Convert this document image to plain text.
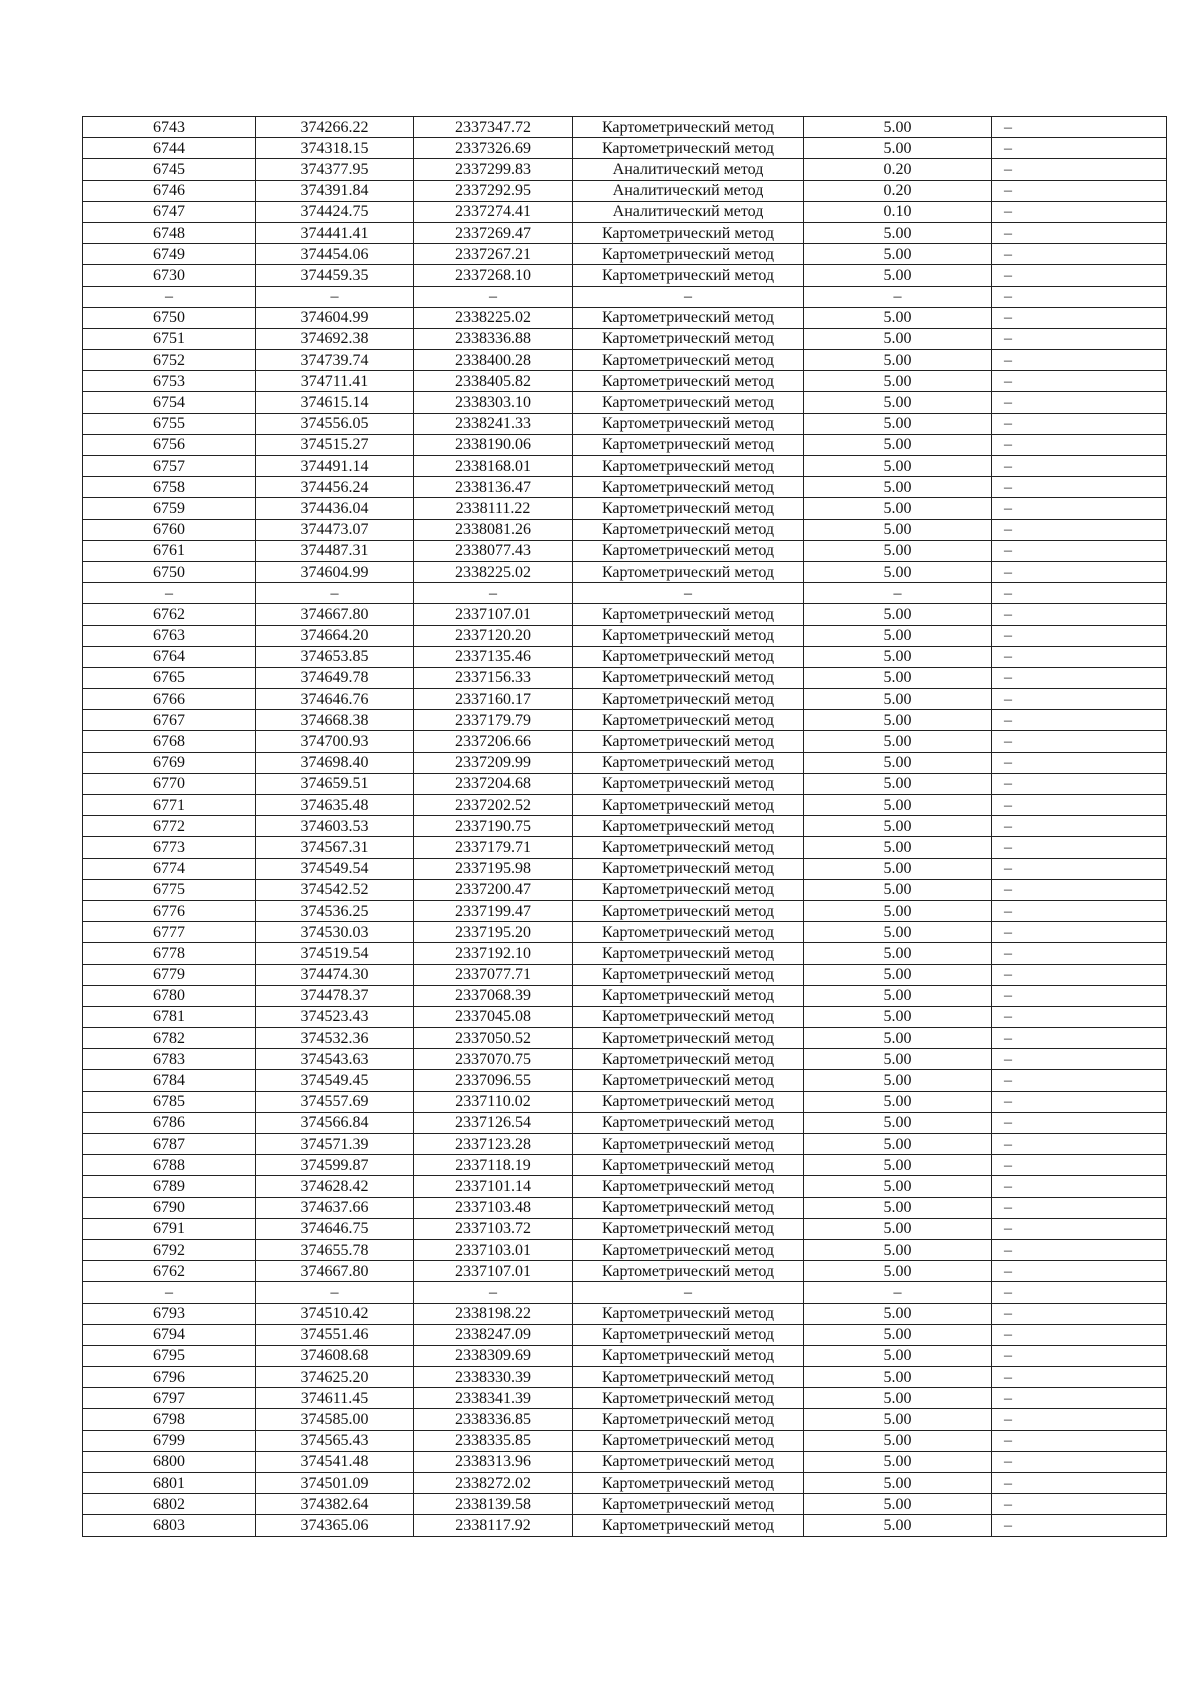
6743	374266.22	2337347.72	Картометрический метод	5.00	–
6744	374318.15	2337326.69	Картометрический метод	5.00	–
6745	374377.95	2337299.83	Аналитический метод	0.20	–
6746	374391.84	2337292.95	Аналитический метод	0.20	–
6747	374424.75	2337274.41	Аналитический метод	0.10	–
6748	374441.41	2337269.47	Картометрический метод	5.00	–
6749	374454.06	2337267.21	Картометрический метод	5.00	–
6730	374459.35	2337268.10	Картометрический метод	5.00	–
–	–	–	–	–	–
6750	374604.99	2338225.02	Картометрический метод	5.00	–
6751	374692.38	2338336.88	Картометрический метод	5.00	–
6752	374739.74	2338400.28	Картометрический метод	5.00	–
6753	374711.41	2338405.82	Картометрический метод	5.00	–
6754	374615.14	2338303.10	Картометрический метод	5.00	–
6755	374556.05	2338241.33	Картометрический метод	5.00	–
6756	374515.27	2338190.06	Картометрический метод	5.00	–
6757	374491.14	2338168.01	Картометрический метод	5.00	–
6758	374456.24	2338136.47	Картометрический метод	5.00	–
6759	374436.04	2338111.22	Картометрический метод	5.00	–
6760	374473.07	2338081.26	Картометрический метод	5.00	–
6761	374487.31	2338077.43	Картометрический метод	5.00	–
6750	374604.99	2338225.02	Картометрический метод	5.00	–
–	–	–	–	–	–
6762	374667.80	2337107.01	Картометрический метод	5.00	–
6763	374664.20	2337120.20	Картометрический метод	5.00	–
6764	374653.85	2337135.46	Картометрический метод	5.00	–
6765	374649.78	2337156.33	Картометрический метод	5.00	–
6766	374646.76	2337160.17	Картометрический метод	5.00	–
6767	374668.38	2337179.79	Картометрический метод	5.00	–
6768	374700.93	2337206.66	Картометрический метод	5.00	–
6769	374698.40	2337209.99	Картометрический метод	5.00	–
6770	374659.51	2337204.68	Картометрический метод	5.00	–
6771	374635.48	2337202.52	Картометрический метод	5.00	–
6772	374603.53	2337190.75	Картометрический метод	5.00	–
6773	374567.31	2337179.71	Картометрический метод	5.00	–
6774	374549.54	2337195.98	Картометрический метод	5.00	–
6775	374542.52	2337200.47	Картометрический метод	5.00	–
6776	374536.25	2337199.47	Картометрический метод	5.00	–
6777	374530.03	2337195.20	Картометрический метод	5.00	–
6778	374519.54	2337192.10	Картометрический метод	5.00	–
6779	374474.30	2337077.71	Картометрический метод	5.00	–
6780	374478.37	2337068.39	Картометрический метод	5.00	–
6781	374523.43	2337045.08	Картометрический метод	5.00	–
6782	374532.36	2337050.52	Картометрический метод	5.00	–
6783	374543.63	2337070.75	Картометрический метод	5.00	–
6784	374549.45	2337096.55	Картометрический метод	5.00	–
6785	374557.69	2337110.02	Картометрический метод	5.00	–
6786	374566.84	2337126.54	Картометрический метод	5.00	–
6787	374571.39	2337123.28	Картометрический метод	5.00	–
6788	374599.87	2337118.19	Картометрический метод	5.00	–
6789	374628.42	2337101.14	Картометрический метод	5.00	–
6790	374637.66	2337103.48	Картометрический метод	5.00	–
6791	374646.75	2337103.72	Картометрический метод	5.00	–
6792	374655.78	2337103.01	Картометрический метод	5.00	–
6762	374667.80	2337107.01	Картометрический метод	5.00	–
–	–	–	–	–	–
6793	374510.42	2338198.22	Картометрический метод	5.00	–
6794	374551.46	2338247.09	Картометрический метод	5.00	–
6795	374608.68	2338309.69	Картометрический метод	5.00	–
6796	374625.20	2338330.39	Картометрический метод	5.00	–
6797	374611.45	2338341.39	Картометрический метод	5.00	–
6798	374585.00	2338336.85	Картометрический метод	5.00	–
6799	374565.43	2338335.85	Картометрический метод	5.00	–
6800	374541.48	2338313.96	Картометрический метод	5.00	–
6801	374501.09	2338272.02	Картометрический метод	5.00	–
6802	374382.64	2338139.58	Картометрический метод	5.00	–
6803	374365.06	2338117.92	Картометрический метод	5.00	–
